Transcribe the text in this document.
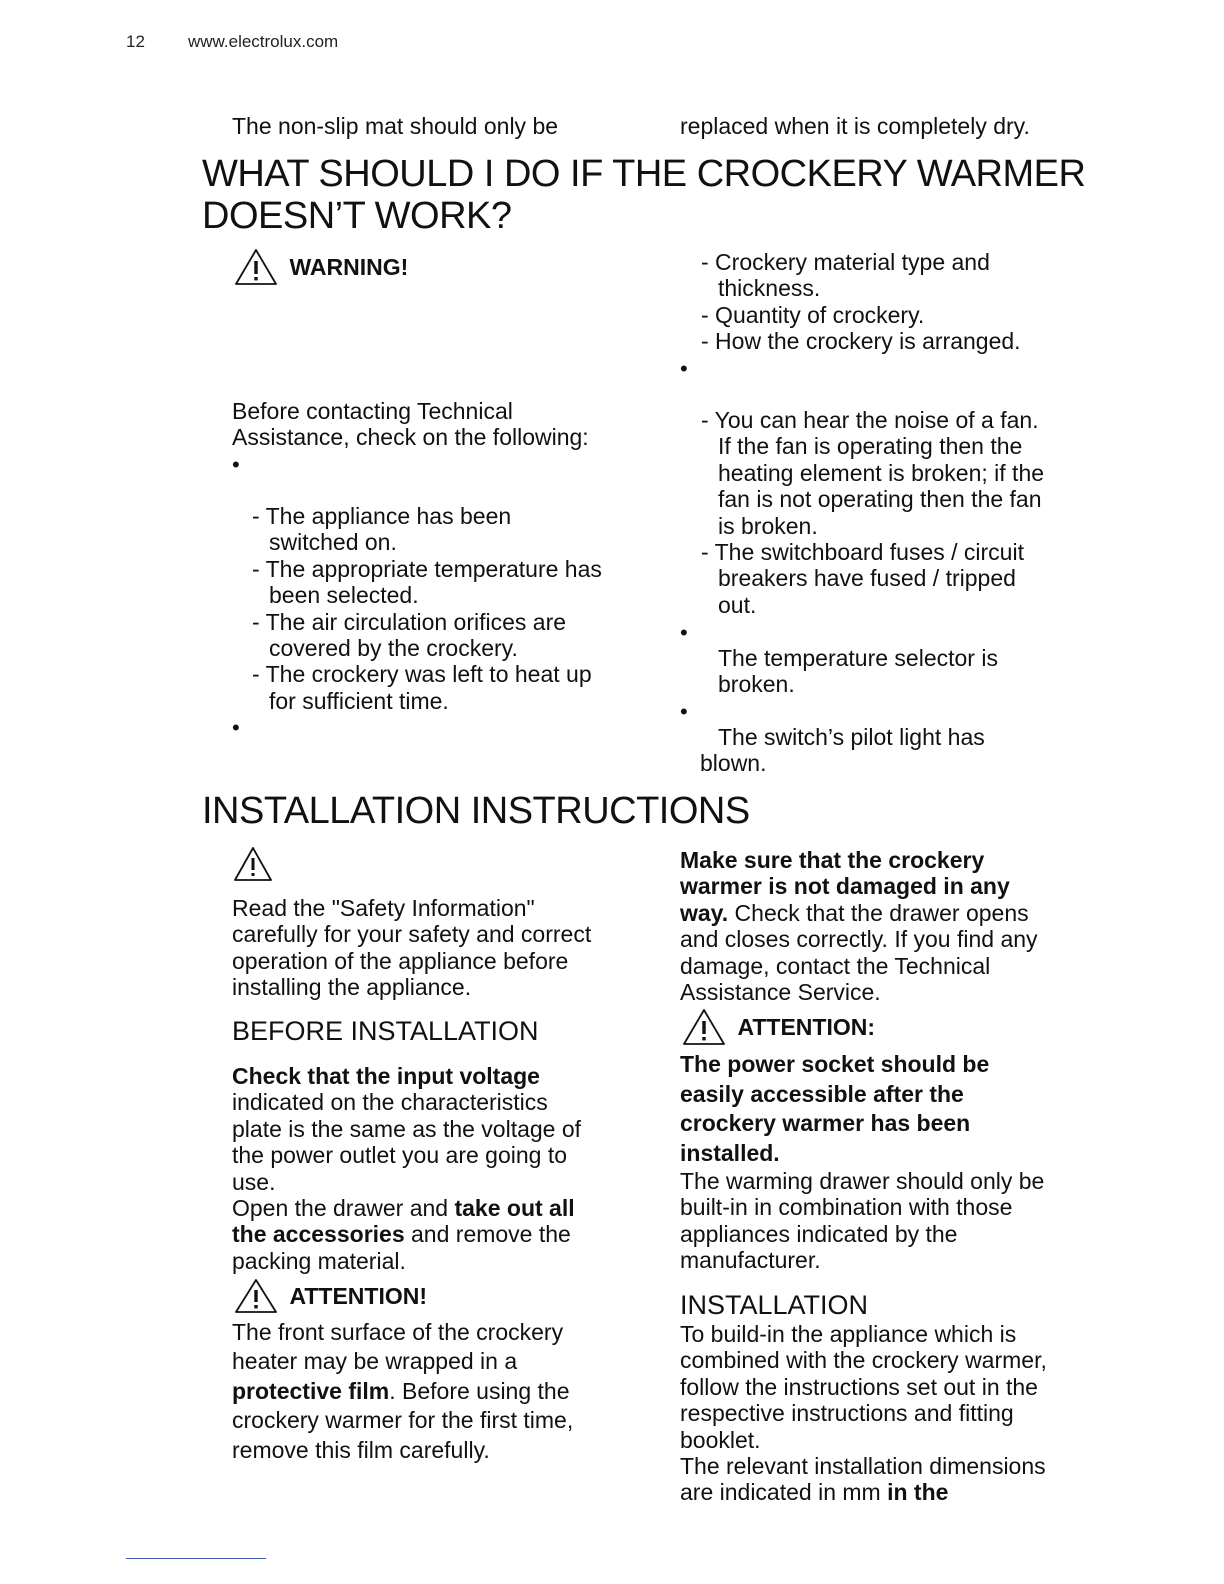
12	www.electrolux.com
The non-slip mat should only be	replaced when it is completely dry.
WHAT SHOULD I DO IF THE CROCKERY WARMER
DOESN’T WORK?
WARNING!
Before contacting Technical
Assistance, check on the following:
•
- The appliance has been
switched on.
- The appropriate temperature has
been selected.
- The air circulation orifices are
covered by the crockery.
- The crockery was left to heat up
for sufficient time.
•
- Crockery material type and
thickness.
- Quantity of crockery.
- How the crockery is arranged.
•
- You can hear the noise of a fan.
If the fan is operating then the
heating element is broken; if the
fan is not operating then the fan
is broken.
- The switchboard fuses / circuit
breakers have fused / tripped
out.
•
The temperature selector is
broken.
•
The switch’s pilot light has
blown.
INSTALLATION INSTRUCTIONS
Read the "Safety Information"
carefully for your safety and correct
operation of the appliance before
installing the appliance.
BEFORE INSTALLATION
Check that the input voltage
indicated on the characteristics
plate is the same as the voltage of
the power outlet you are going to
use.
Open the drawer and take out all
the accessories and remove the
packing material.
ATTENTION!
The front surface of the crockery
heater may be wrapped in a
protective film. Before using the
crockery warmer for the first time,
remove this film carefully.
Make sure that the crockery
warmer is not damaged in any
way. Check that the drawer opens
and closes correctly. If you find any
damage, contact the Technical
Assistance Service.
ATTENTION:
The power socket should be
easily accessible after the
crockery warmer has been
installed.
The warming drawer should only be
built-in in combination with those
appliances indicated by the
manufacturer.
INSTALLATION
To build-in the appliance which is
combined with the crockery warmer,
follow the instructions set out in the
respective instructions and fitting
booklet.
The relevant installation dimensions
are indicated in mm in the
